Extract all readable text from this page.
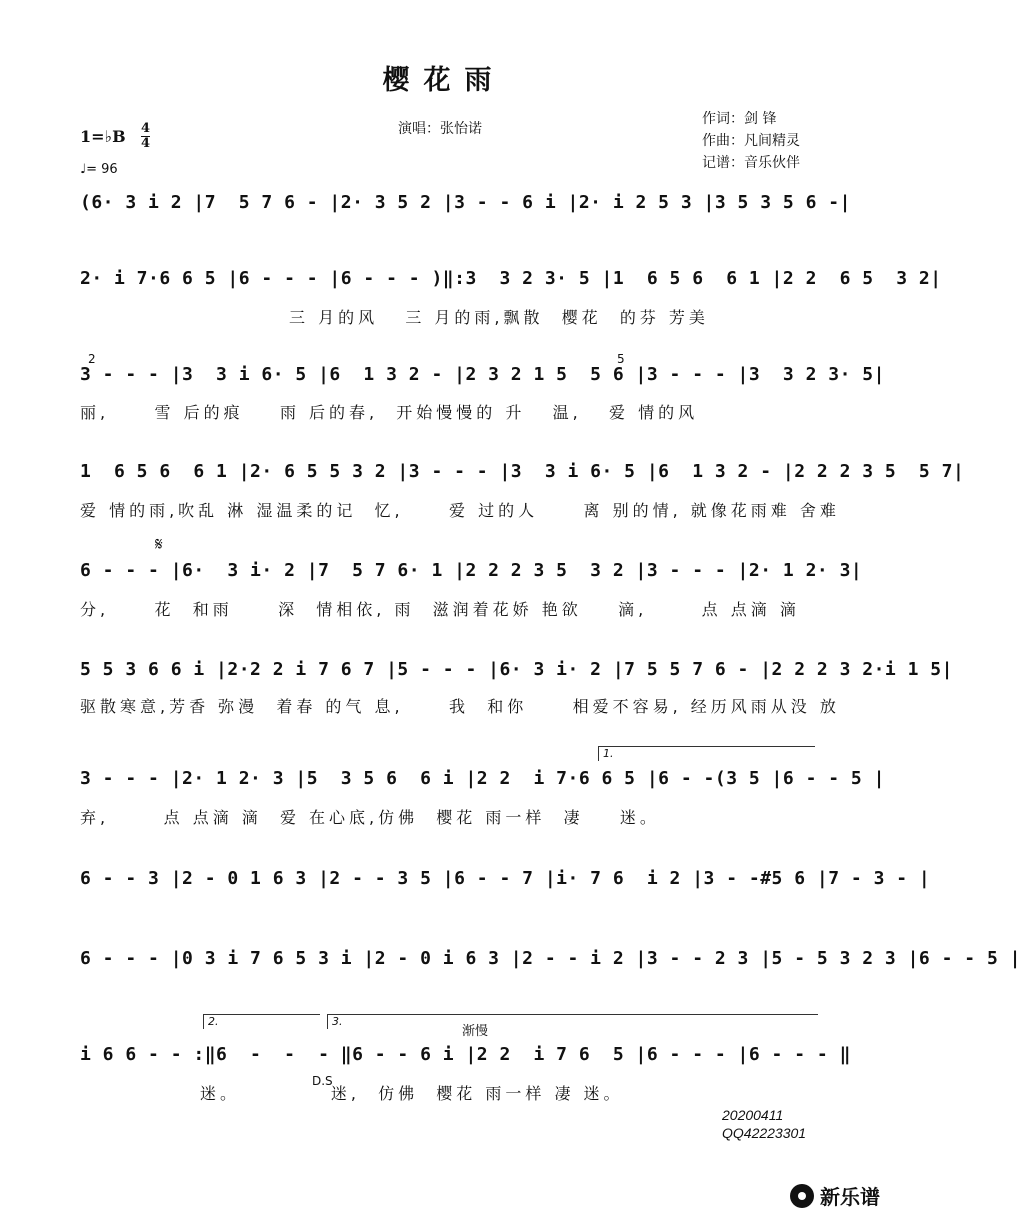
樱花雨
1=♭B 4
4
♩= 96
演唱：张怡诺
作词：剑 锋
作曲：凡间精灵
记谱：音乐伙伴
(6· 3 i 2 |7  5 7 6 - |2· 3 5 2 |3 - - 6 i |2· i 2 5 3 |3 5 3 5 6 -|
2· i 7·6 6 5 |6 - - - |6 - - - )‖:3  3 2 3· 5 |1  6 5 6  6 1 |2 2  6 5  3 2|
三 月的风   三 月的雨,飘散  樱花  的芬 芳美
2	5
3 - - - |3  3 i 6· 5 |6  1 3 2 - |2 3 2 1 5  5 6 |3 - - - |3  3 2 3· 5|
丽,     雪 后的痕    雨 后的春,  开始慢慢的 升   温,   爱 情的风
1  6 5 6  6 1 |2· 6 5 5 3 2 |3 - - - |3  3 i 6· 5 |6  1 3 2 - |2 2 2 3 5  5 7|
爱 情的雨,吹乱 淋 湿温柔的记  忆,     爱 过的人     离 别的情, 就像花雨难 舍难
𝄋
6 - - - |6·  3 i· 2 |7  5 7 6· 1 |2 2 2 3 5  3 2 |3 - - - |2· 1 2· 3|
分,     花  和雨     深  情相依, 雨  滋润着花娇 艳欲    滴,      点 点滴 滴
5 5 3 6 6 i |2·2 2 i 7 6 7 |5 - - - |6· 3 i· 2 |7 5 5 7 6 - |2 2 2 3 2·i 1 5|
驱散寒意,芳香 弥漫  着春 的气 息,     我  和你     相爱不容易, 经历风雨从没 放
1.
3 - - - |2· 1 2· 3 |5  3 5 6  6 i |2 2  i 7·6 6 5 |6 - -(3 5 |6 - - 5 |
弃,      点 点滴 滴  爱 在心底,仿佛  樱花 雨一样  凄    迷。
6 - - 3 |2 - 0 1 6 3 |2 - - 3 5 |6 - - 7 |i· 7 6  i 2 |3 - -#5 6 |7 - 3 - |
6 - - - |0 3 i 7 6 5 3 i |2 - 0 i 6 3 |2 - - i 2 |3 - - 2 3 |5 - 5 3 2 3 |6 - - 5 |
2.	3.
渐慢
i 6 6 - - :‖6  -  -  - ‖6 - - 6 i |2 2  i 7 6  5 |6 - - - |6 - - - ‖
D.S
迷。          迷,  仿佛  樱花 雨一样 凄 迷。
20200411
QQ42223301
新乐谱
